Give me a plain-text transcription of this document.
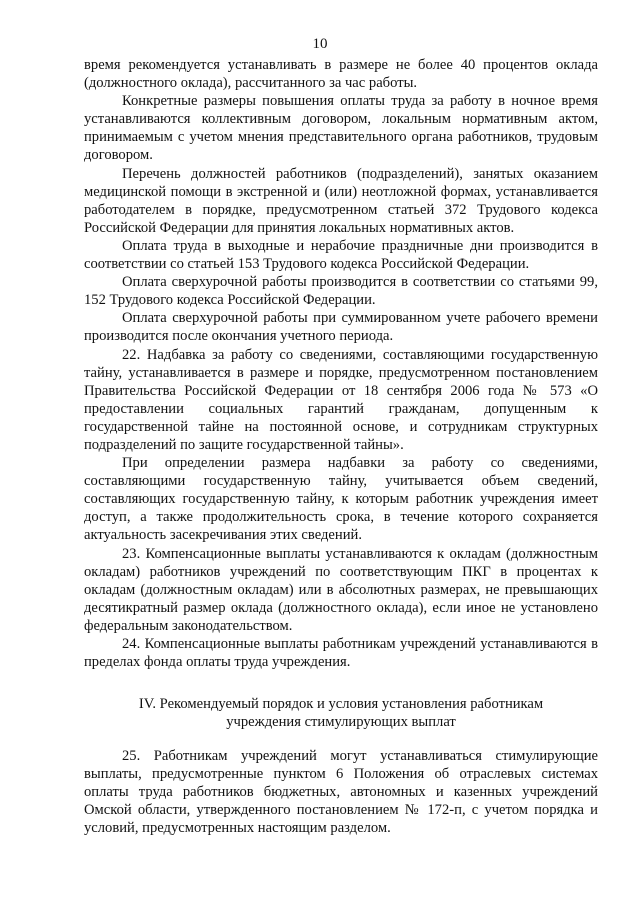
10

время рекомендуется устанавливать в размере не более 40 процентов оклада (должностного оклада), рассчитанного за час работы.

Конкретные размеры повышения оплаты труда за работу в ночное время устанавливаются коллективным договором, локальным нормативным актом, принимаемым с учетом мнения представительного органа работников, трудовым договором.

Перечень должностей работников (подразделений), занятых оказанием медицинской помощи в экстренной и (или) неотложной формах, устанавливается работодателем в порядке, предусмотренном статьей 372 Трудового кодекса Российской Федерации для принятия локальных нормативных актов.

Оплата труда в выходные и нерабочие праздничные дни производится в соответствии со статьей 153 Трудового кодекса Российской Федерации.

Оплата сверхурочной работы производится в соответствии со статьями 99, 152 Трудового кодекса Российской Федерации.

Оплата сверхурочной работы при суммированном учете рабочего времени производится после окончания учетного периода.

22. Надбавка за работу со сведениями, составляющими государственную тайну, устанавливается в размере и порядке, предусмотренном постановлением Правительства Российской Федерации от 18 сентября 2006 года № 573 «О предоставлении социальных гарантий гражданам, допущенным к государственной тайне на постоянной основе, и сотрудникам структурных подразделений по защите государственной тайны».

При определении размера надбавки за работу со сведениями, составляющими государственную тайну, учитывается объем сведений, составляющих государственную тайну, к которым работник учреждения имеет доступ, а также продолжительность срока, в течение которого сохраняется актуальность засекречивания этих сведений.

23. Компенсационные выплаты устанавливаются к окладам (должностным окладам) работников учреждений по соответствующим ПКГ в процентах к окладам (должностным окладам) или в абсолютных размерах, не превышающих десятикратный размер оклада (должностного оклада), если иное не установлено федеральным законодательством.

24. Компенсационные выплаты работникам учреждений устанавливаются в пределах фонда оплаты труда учреждения.

IV. Рекомендуемый порядок и условия установления работникам
учреждения стимулирующих выплат

25. Работникам учреждений могут устанавливаться стимулирующие выплаты, предусмотренные пунктом 6 Положения об отраслевых системах оплаты труда работников бюджетных, автономных и казенных учреждений Омской области, утвержденного постановлением № 172-п, с учетом порядка и условий, предусмотренных настоящим разделом.
